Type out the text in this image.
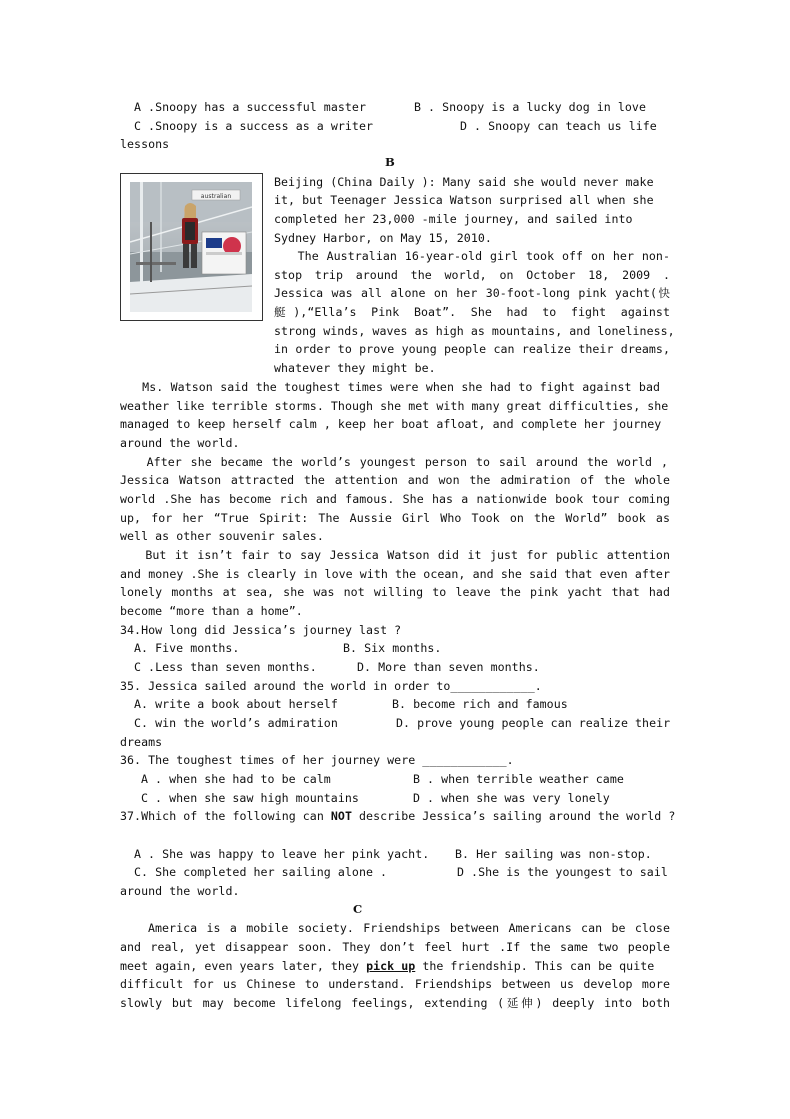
A .Snoopy has a successful master	B . Snoopy is a lucky dog in love
C .Snoopy is a success as a writer	D . Snoopy can teach us life
lessons
B
australian
Beijing (China Daily ): Many said she would never make
it, but Teenager Jessica Watson surprised all when she
completed her 23,000 -mile journey, and sailed into
Sydney Harbor, on May 15, 2010.
The Australian 16-year-old girl took off on her non-
stop trip around the world, on October 18, 2009 .
Jessica was all alone on her 30-foot-long pink yacht(快
艇),“Ella’s Pink Boat”. She had to fight against
strong winds, waves as high as mountains, and loneliness,
in order to prove young people can realize their dreams,
whatever they might be.
Ms. Watson said the toughest times were when she had to fight against bad
weather like terrible storms. Though she met with many great difficulties, she
managed to keep herself calm , keep her boat afloat, and complete her journey
around the world.
After she became the world’s youngest person to sail around the world ,
Jessica Watson attracted the attention and won the admiration of the whole
world .She has become rich and famous. She has a nationwide book tour coming
up, for her “True Spirit: The Aussie Girl Who Took on the World” book as
well as other souvenir sales.
But it isn’t fair to say Jessica Watson did it just for public attention
and money .She is clearly in love with the ocean, and she said that even after
lonely months at sea, she was not willing to leave the pink yacht that had
become “more than a home”.
34.How long did Jessica’s journey last ?
A. Five months.	B. Six months.
C .Less than seven months.	D. More than seven months.
35. Jessica sailed around the world in order to____________.
A. write a book about herself	B. become rich and famous
C. win the world’s admiration	D. prove young people can realize their
dreams
36. The toughest times of her journey were ____________.
A . when she had to be calm	B . when terrible weather came
C . when she saw high mountains	D . when she was very lonely
37.Which of the following can NOT describe Jessica’s sailing around the world ?
A . She was happy to leave her pink yacht. B. Her sailing was non-stop.
C. She completed her sailing alone .	D .She is the youngest to sail
around the world.
C
America is a mobile society. Friendships between Americans can be close
and real, yet disappear soon. They don’t feel hurt .If the same two people
meet again, even years later, they pick up the friendship. This can be quite
difficult for us Chinese to understand. Friendships between us develop more
slowly but may become lifelong feelings, extending (延伸) deeply into both
